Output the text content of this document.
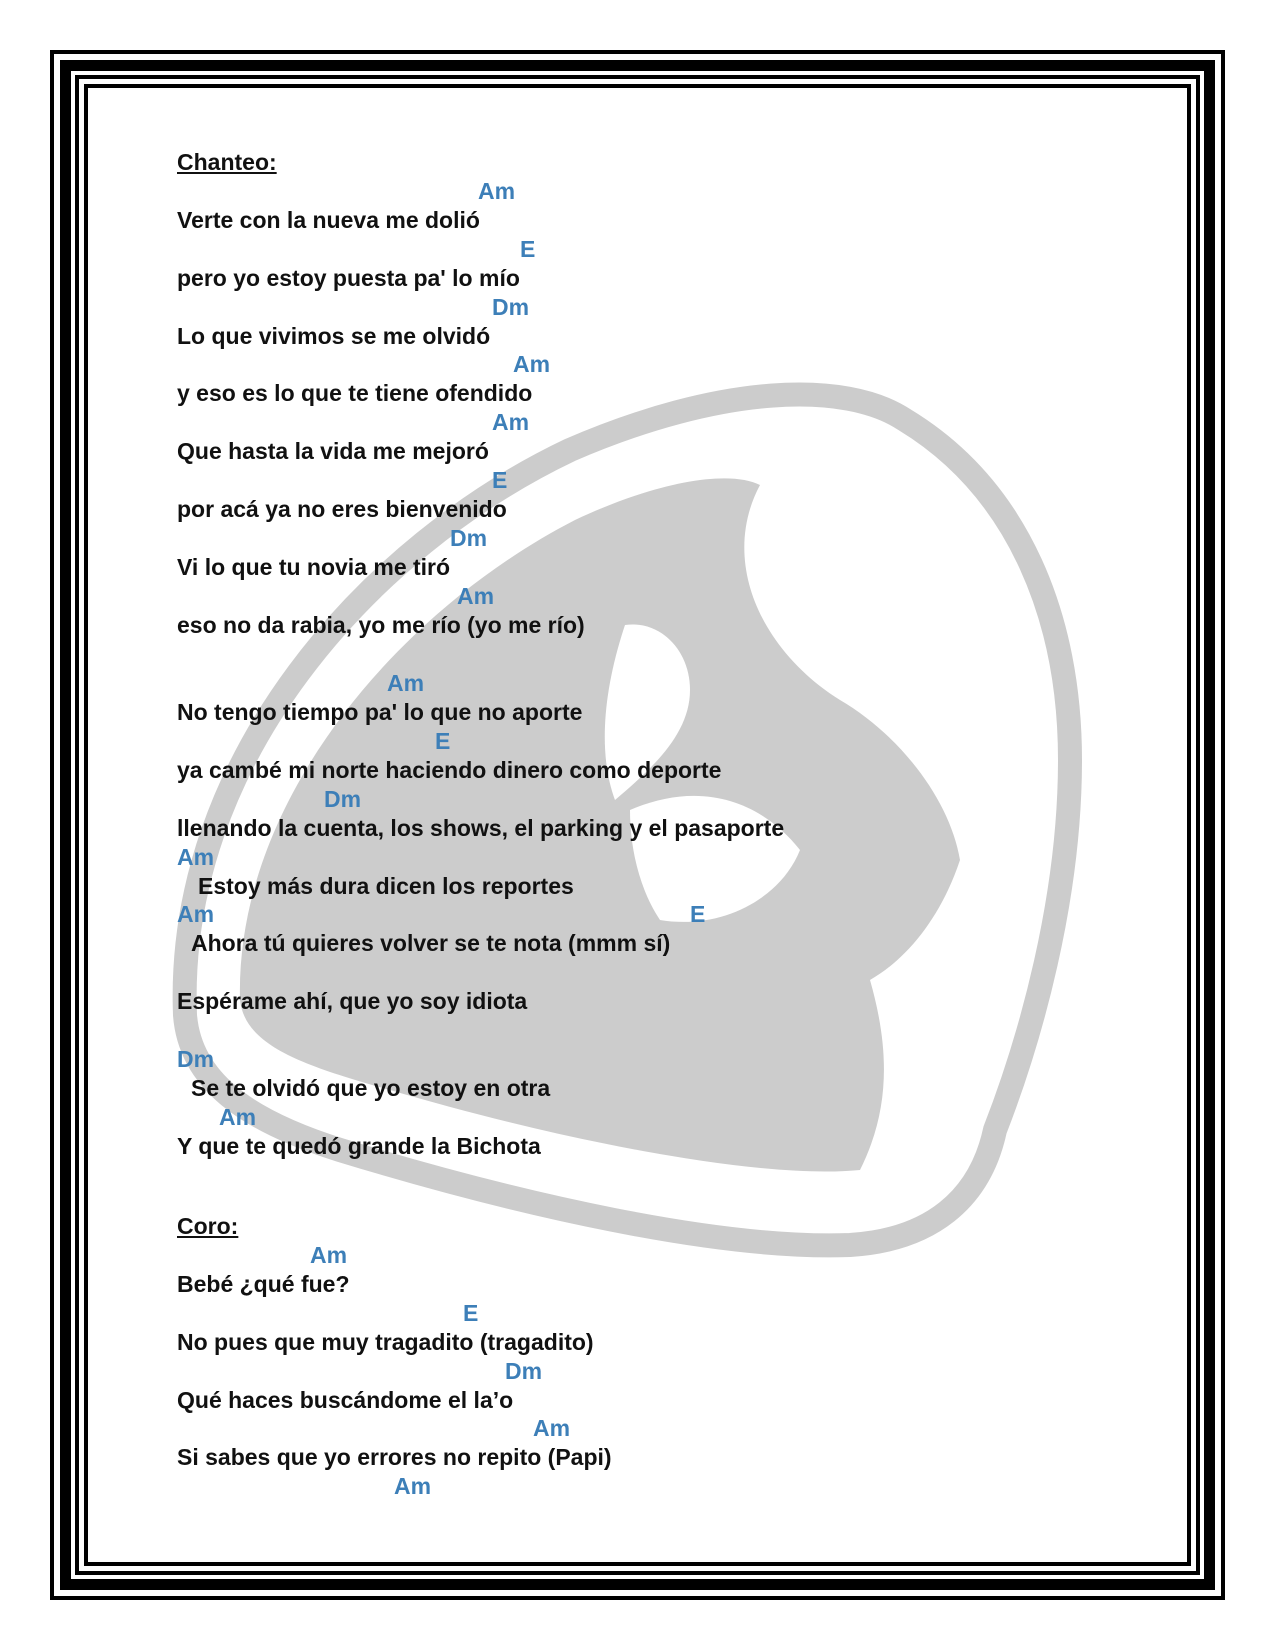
Chanteo:
Am
Verte con la nueva me dolió
E
pero yo estoy puesta pa' lo mío
Dm
Lo que vivimos se me olvidó
Am
y eso es lo que te tiene ofendido
Am
Que hasta la vida me mejoró
E
por acá ya no eres bienvenido
Dm
Vi lo que tu novia me tiró
Am
eso no da rabia, yo me río (yo me río)
Am
No tengo tiempo pa' lo que no aporte
E
ya cambé mi norte haciendo dinero como deporte
Dm
llenando la cuenta, los shows, el parking y el pasaporte
Am
Estoy más dura dicen los reportes
Am	E
Ahora tú quieres volver se te nota (mmm sí)
Espérame ahí, que yo soy idiota
Dm
Se te olvidó que yo estoy en otra
Am
Y que te quedó grande la Bichota
Coro:
Am
Bebé ¿qué fue?
E
No pues que muy tragadito (tragadito)
Dm
Qué haces buscándome el la’o
Am
Si sabes que yo errores no repito (Papi)
Am
